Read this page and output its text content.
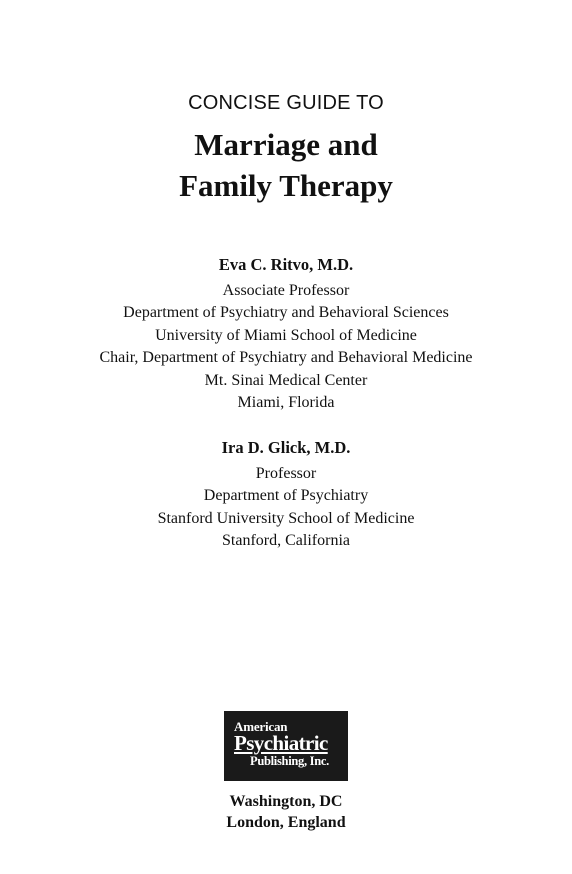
CONCISE GUIDE TO
Marriage and
Family Therapy
Eva C. Ritvo, M.D.
Associate Professor
Department of Psychiatry and Behavioral Sciences
University of Miami School of Medicine
Chair, Department of Psychiatry and Behavioral Medicine
Mt. Sinai Medical Center
Miami, Florida
Ira D. Glick, M.D.
Professor
Department of Psychiatry
Stanford University School of Medicine
Stanford, California
American
Psychiatric
Publishing, Inc.
Washington, DC
London, England
